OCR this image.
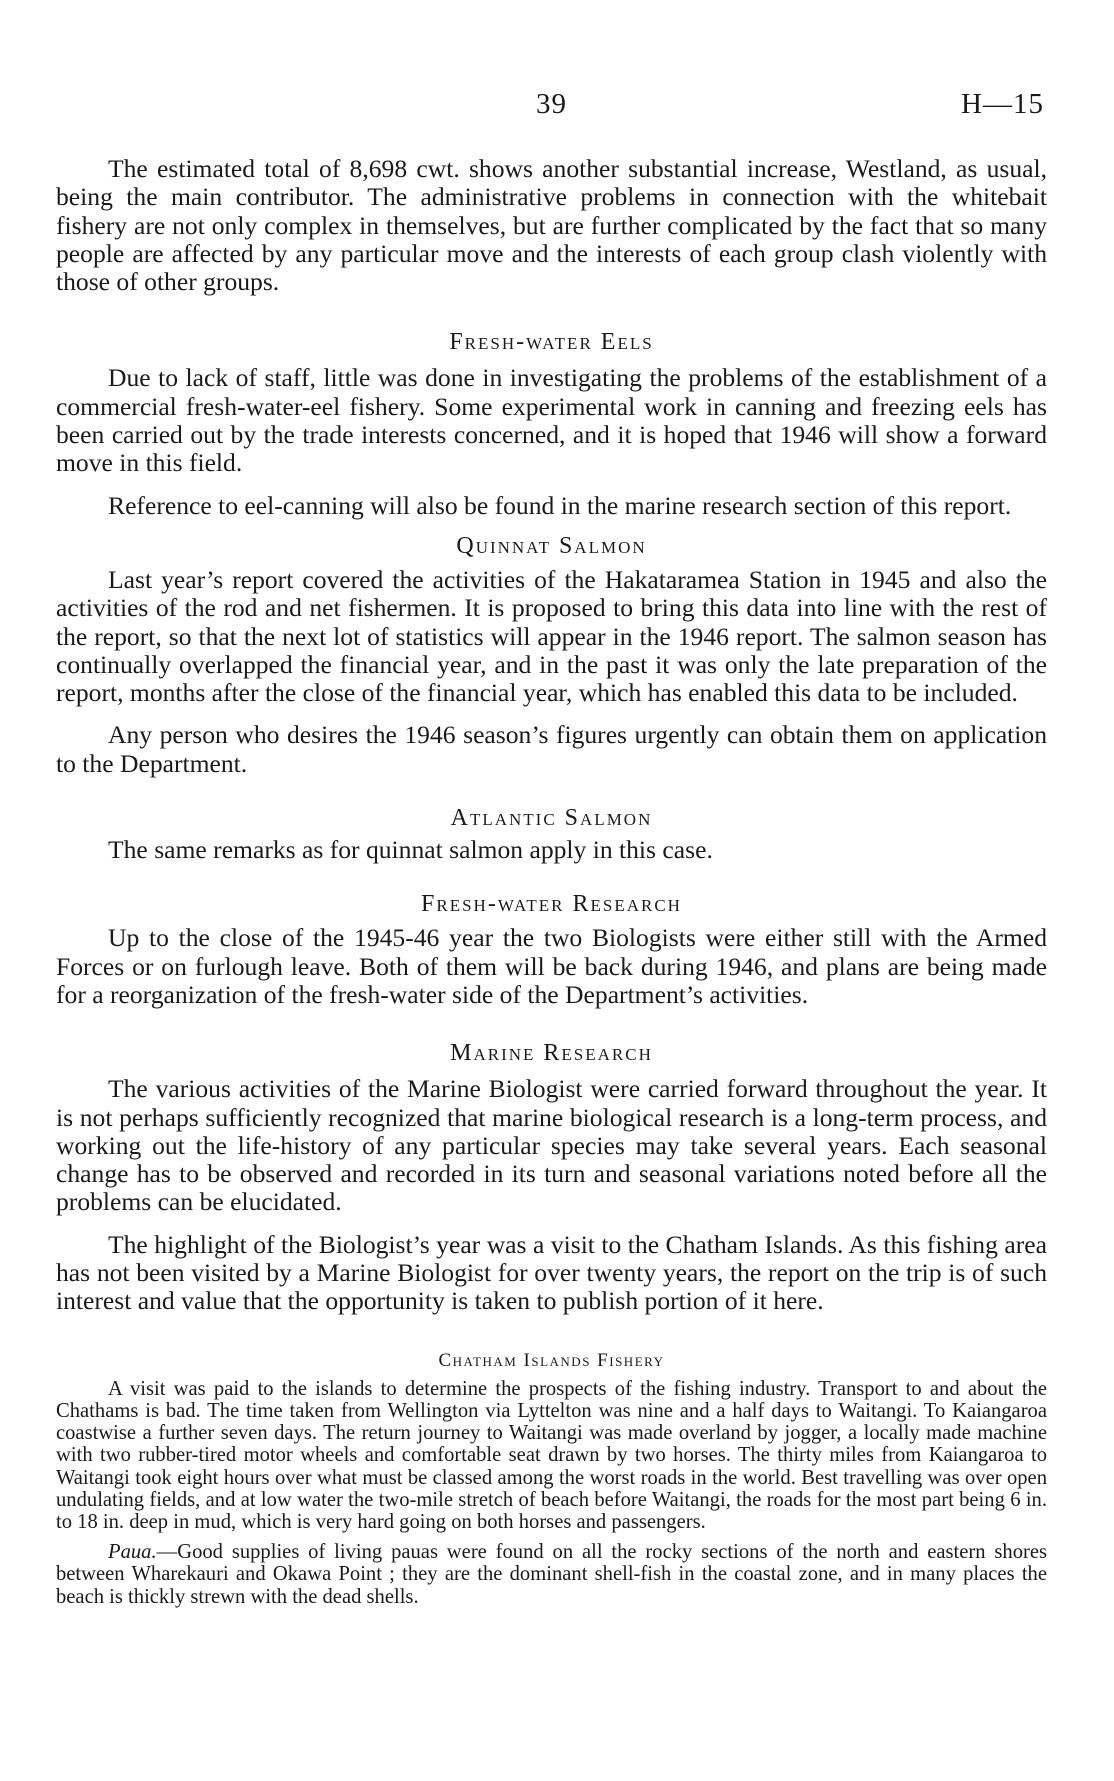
39	H—15

The estimated total of 8,698 cwt. shows another substantial increase, Westland, as usual, being the main contributor. The administrative problems in connection with the whitebait fishery are not only complex in themselves, but are further complicated by the fact that so many people are affected by any particular move and the interests of each group clash violently with those of other groups.

Fresh-water Eels

Due to lack of staff, little was done in investigating the problems of the establishment of a commercial fresh-water-eel fishery. Some experimental work in canning and freezing eels has been carried out by the trade interests concerned, and it is hoped that 1946 will show a forward move in this field.

Reference to eel-canning will also be found in the marine research section of this report.

Quinnat Salmon

Last year’s report covered the activities of the Hakataramea Station in 1945 and also the activities of the rod and net fishermen. It is proposed to bring this data into line with the rest of the report, so that the next lot of statistics will appear in the 1946 report. The salmon season has continually overlapped the financial year, and in the past it was only the late preparation of the report, months after the close of the financial year, which has enabled this data to be included.

Any person who desires the 1946 season’s figures urgently can obtain them on application to the Department.

Atlantic Salmon

The same remarks as for quinnat salmon apply in this case.

Fresh-water Research

Up to the close of the 1945-46 year the two Biologists were either still with the Armed Forces or on furlough leave. Both of them will be back during 1946, and plans are being made for a reorganization of the fresh-water side of the Department’s activities.

Marine Research

The various activities of the Marine Biologist were carried forward throughout the year. It is not perhaps sufficiently recognized that marine biological research is a long-term process, and working out the life-history of any particular species may take several years. Each seasonal change has to be observed and recorded in its turn and seasonal variations noted before all the problems can be elucidated.

The highlight of the Biologist’s year was a visit to the Chatham Islands. As this fishing area has not been visited by a Marine Biologist for over twenty years, the report on the trip is of such interest and value that the opportunity is taken to publish portion of it here.

Chatham Islands Fishery

A visit was paid to the islands to determine the prospects of the fishing industry. Transport to and about the Chathams is bad. The time taken from Wellington via Lyttelton was nine and a half days to Waitangi. To Kaiangaroa coastwise a further seven days. The return journey to Waitangi was made overland by jogger, a locally made machine with two rubber-tired motor wheels and comfortable seat drawn by two horses. The thirty miles from Kaiangaroa to Waitangi took eight hours over what must be classed among the worst roads in the world. Best travelling was over open undulating fields, and at low water the two-mile stretch of beach before Waitangi, the roads for the most part being 6 in. to 18 in. deep in mud, which is very hard going on both horses and passengers.

Paua.—Good supplies of living pauas were found on all the rocky sections of the north and eastern shores between Wharekauri and Okawa Point ; they are the dominant shell-fish in the coastal zone, and in many places the beach is thickly strewn with the dead shells.
